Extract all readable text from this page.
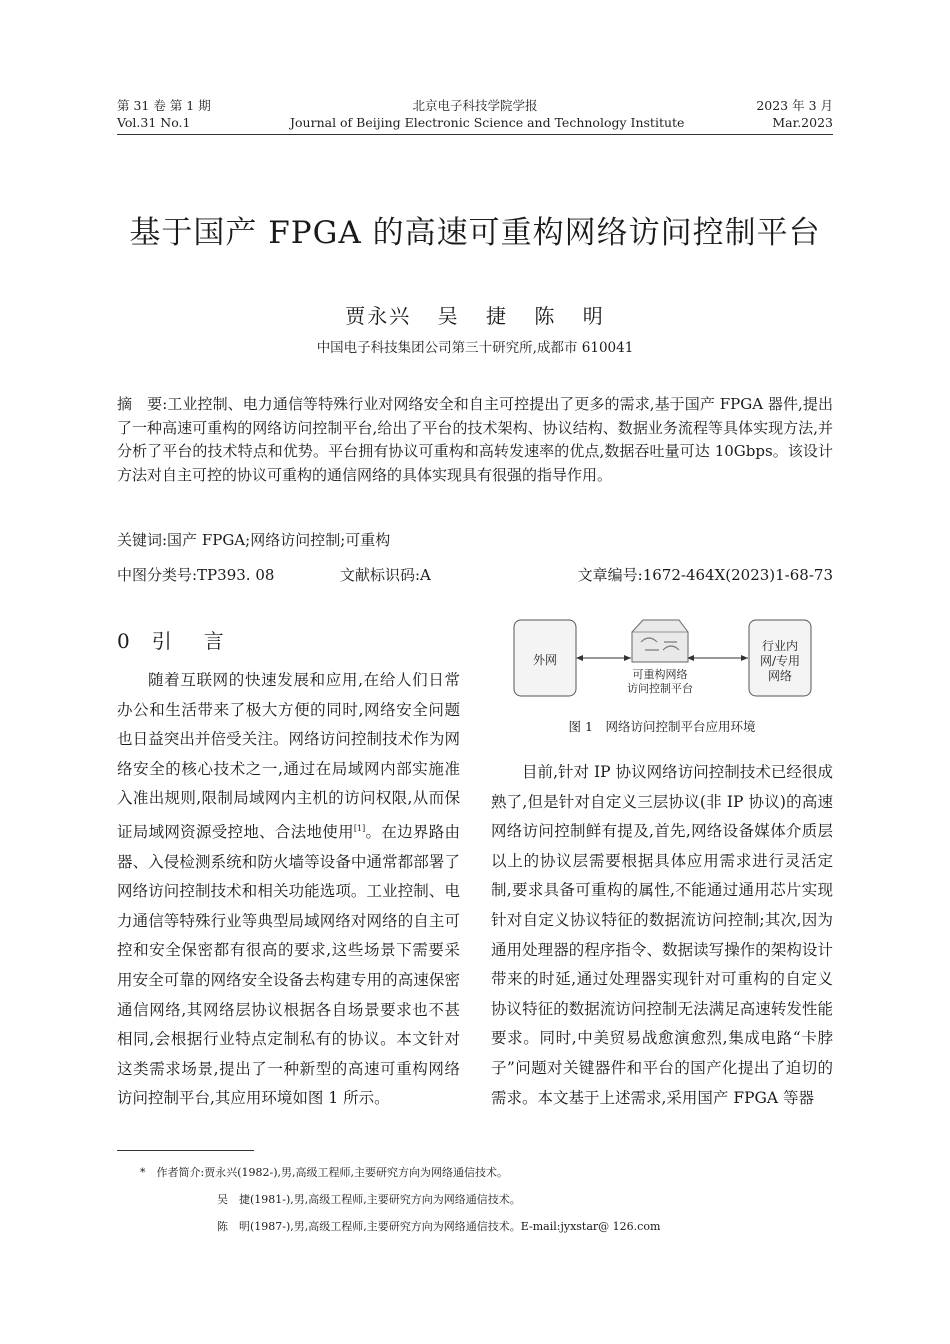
第 31 卷 第 1 期
Vol.31 No.1
北京电子科技学院学报
Journal of Beijing Electronic Science and Technology Institute
2023 年 3 月
Mar.2023
基于国产 FPGA 的高速可重构网络访问控制平台
贾永兴 吴 捷 陈 明
中国电子科技集团公司第三十研究所,成都市 610041
摘　要:工业控制、电力通信等特殊行业对网络安全和自主可控提出了更多的需求,基于国产 FPGA 器件,提出了一种高速可重构的网络访问控制平台,给出了平台的技术架构、协议结构、数据业务流程等具体实现方法,并分析了平台的技术特点和优势。平台拥有协议可重构和高转发速率的优点,数据吞吐量可达 10Gbps。该设计方法对自主可控的协议可重构的通信网络的具体实现具有很强的指导作用。
关键词:国产 FPGA;网络访问控制;可重构
中图分类号:TP393. 08	文献标识码:A	文章编号:1672-464X(2023)1-68-73
0 引　言

随着互联网的快速发展和应用,在给人们日常办公和生活带来了极大方便的同时,网络安全问题也日益突出并倍受关注。网络访问控制技术作为网络安全的核心技术之一,通过在局域网内部实施准入准出规则,限制局域网内主机的访问权限,从而保证局域网资源受控地、合法地使用[1]。在边界路由器、入侵检测系统和防火墙等设备中通常都部署了网络访问控制技术和相关功能选项。工业控制、电力通信等特殊行业等典型局域网络对网络的自主可控和安全保密都有很高的要求,这些场景下需要采用安全可靠的网络安全设备去构建专用的高速保密通信网络,其网络层协议根据各自场景要求也不甚相同,会根据行业特点定制私有的协议。本文针对这类需求场景,提出了一种新型的高速可重构网络访问控制平台,其应用环境如图 1 所示。

外网
可重构网络
访问控制平台
行业内
网/专用
网络
图 1　网络访问控制平台应用环境

目前,针对 IP 协议网络访问控制技术已经很成熟了,但是针对自定义三层协议(非 IP 协议)的高速网络访问控制鲜有提及,首先,网络设备媒体介质层以上的协议层需要根据具体应用需求进行灵活定制,要求具备可重构的属性,不能通过通用芯片实现针对自定义协议特征的数据流访问控制;其次,因为通用处理器的程序指令、数据读写操作的架构设计带来的时延,通过处理器实现针对可重构的自定义协议特征的数据流访问控制无法满足高速转发性能要求。同时,中美贸易战愈演愈烈,集成电路“卡脖子”问题对关键器件和平台的国产化提出了迫切的需求。本文基于上述需求,采用国产 FPGA 等器

*　作者简介:贾永兴(1982-),男,高级工程师,主要研究方向为网络通信技术。
吴　捷(1981-),男,高级工程师,主要研究方向为网络通信技术。
陈　明(1987-),男,高级工程师,主要研究方向为网络通信技术。E-mail:jyxstar@ 126.com
